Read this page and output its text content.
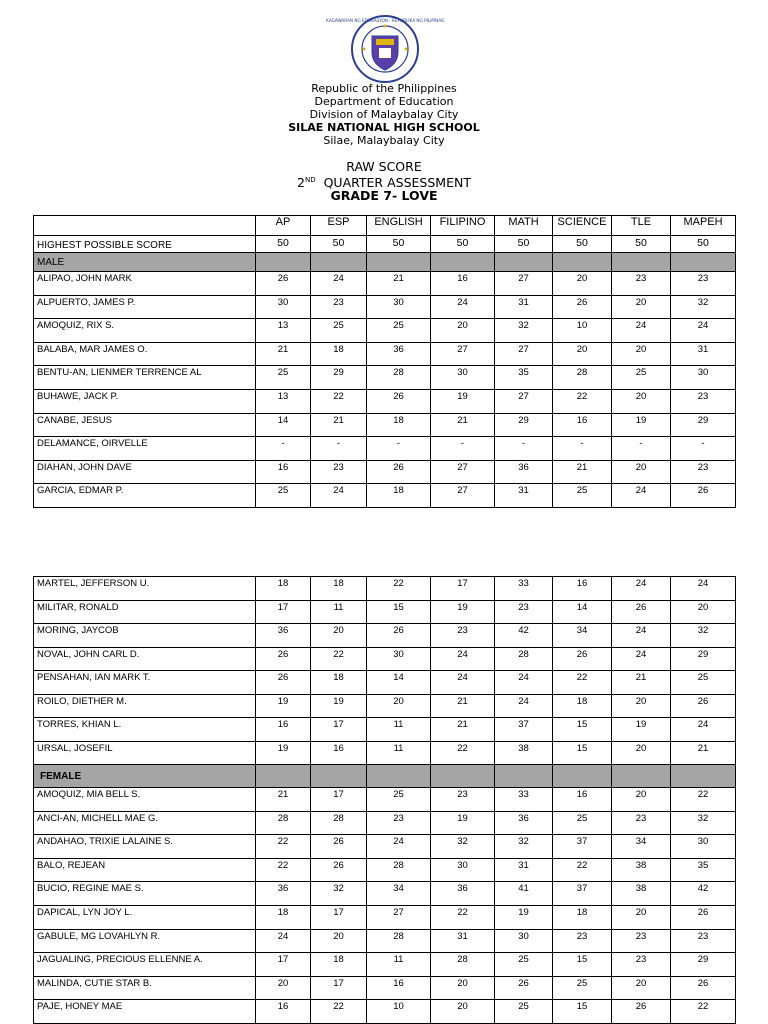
KAGAWARAN NG EDUKASYON · REPUBLIKA NG PILIPINAS
Republic of the Philippines
Department of Education
Division of Malaybalay City
SILAE NATIONAL HIGH SCHOOL
Silae, Malaybalay City
RAW SCORE
2ND  QUARTER ASSESSMENT
GRADE 7- LOVE
	AP	ESP	ENGLISH	FILIPINO	MATH	SCIENCE	TLE	MAPEH
HIGHEST POSSIBLE SCORE	50	50	50	50	50	50	50	50
MALE								
ALIPAO, JOHN MARK	26	24	21	16	27	20	23	23
ALPUERTO, JAMES P.	30	23	30	24	31	26	20	32
AMOQUIZ, RIX S.	13	25	25	20	32	10	24	24
BALABA, MAR JAMES O.	21	18	36	27	27	20	20	31
BENTU-AN, LIENMER TERRENCE AL	25	29	28	30	35	28	25	30
BUHAWE, JACK P.	13	22	26	19	27	22	20	23
CANABE, JESUS	14	21	18	21	29	16	19	29
DELAMANCE, OIRVELLE	-	-	-	-	-	-	-	-
DIAHAN, JOHN DAVE	16	23	26	27	36	21	20	23
GARCIA, EDMAR P.	25	24	18	27	31	25	24	26
MARTEL, JEFFERSON U.	18	18	22	17	33	16	24	24
MILITAR, RONALD	17	11	15	19	23	14	26	20
MORING, JAYCOB	36	20	26	23	42	34	24	32
NOVAL, JOHN CARL D.	26	22	30	24	28	26	24	29
PENSAHAN, IAN MARK T.	26	18	14	24	24	22	21	25
ROILO, DIETHER M.	19	19	20	21	24	18	20	26
TORRES, KHIAN L.	16	17	11	21	37	15	19	24
URSAL, JOSEFIL	19	16	11	22	38	15	20	21
FEMALE								
AMOQUIZ, MIA BELL S.	21	17	25	23	33	16	20	22
ANCI-AN, MICHELL MAE G.	28	28	23	19	36	25	23	32
ANDAHAO, TRIXIE LALAINE S.	22	26	24	32	32	37	34	30
BALO, REJEAN	22	26	28	30	31	22	38	35
BUCIO, REGINE MAE S.	36	32	34	36	41	37	38	42
DAPICAL, LYN JOY L.	18	17	27	22	19	18	20	26
GABULE, MG LOVAHLYN R.	24	20	28	31	30	23	23	23
JAGUALING, PRECIOUS ELLENNE A.	17	18	11	28	25	15	23	29
MALINDA, CUTIE STAR B.	20	17	16	20	26	25	20	26
PAJE, HONEY MAE	16	22	10	20	25	15	26	22
